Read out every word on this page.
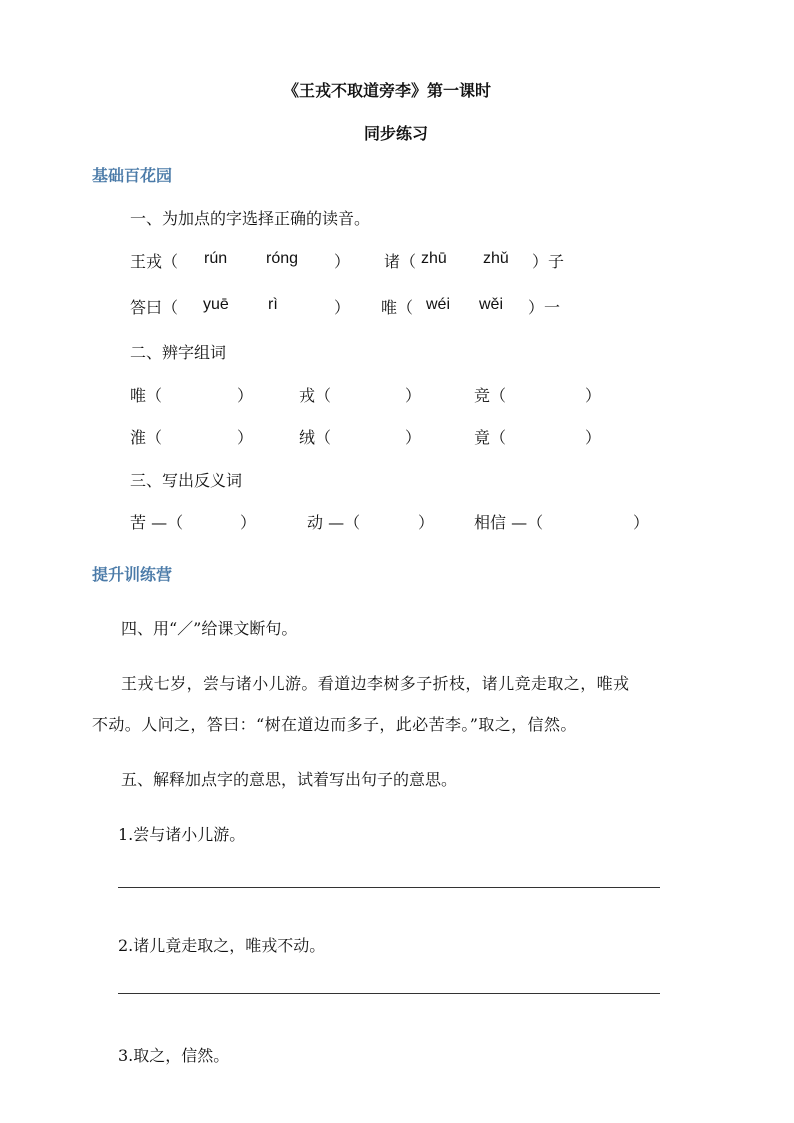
《王戎不取道旁李》第一课时
同步练习
基础百花园
一、为加点的字选择正确的读音。
王戎（ rún róng ） 诸（ zhū zhǔ ）子
答曰（ yuē rì	） 唯（ wéi wěi ）一
二、辨字组词
唯（	）	戎（	）	竞（	）
淮（	）	绒（	）	竟（	）
三、写出反义词
苦 —（	）	动 —（	） 相信 —（	）
提升训练营
四、用“／”给课文断句。
王戎七岁，尝与诸小儿游。看道边李树多子折枝，诸儿竞走取之，唯戎
不动。人问之，答曰：“树在道边而多子，此必苦李。”取之，信然。
五、解释加点字的意思，试着写出句子的意思。
1.尝与诸小儿游。
2.诸儿竟走取之，唯戎不动。
3.取之，信然。
